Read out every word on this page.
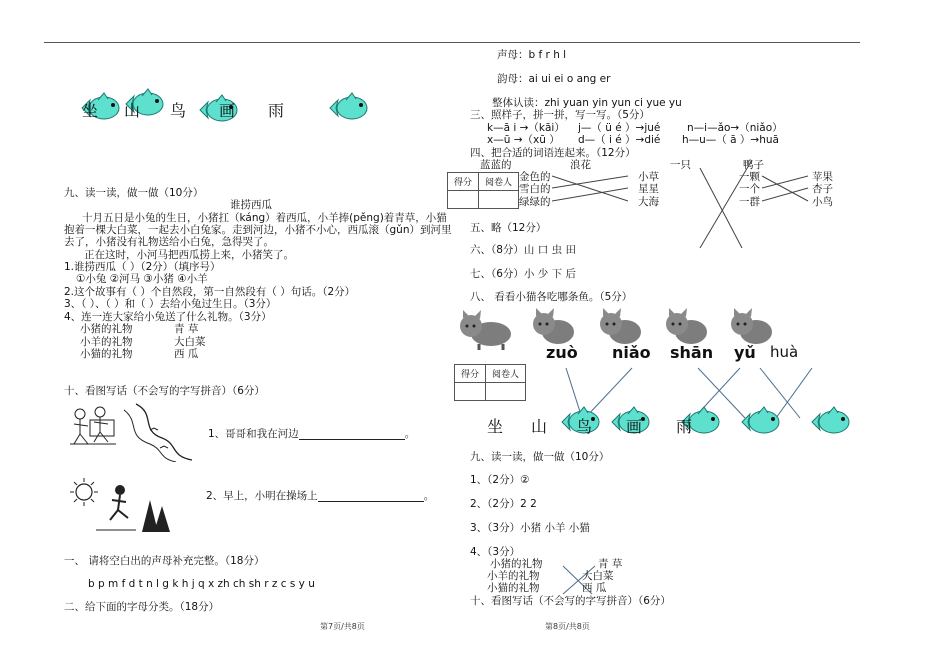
坐 山 鸟 画 雨
九、读一读，做一做（10分）
谁捞西瓜
十月五日是小兔的生日，小猪扛（káng）着西瓜，小羊捧(pěng)着青草，小猫
抱着一棵大白菜，一起去小白兔家。走到河边，小猪不小心，西瓜滚（gǔn）到河里
去了，小猪没有礼物送给小白兔，急得哭了。
正在这时，小河马把西瓜捞上来，小猪笑了。
1.谁捞西瓜（ ）（2分）（填序号）
①小兔 ②河马 ③小猪 ④小羊
2.这个故事有（ ）个自然段，第一自然段有（ ）句话。（2分）
3、（ ）、（ ）和（ ）去给小兔过生日。（3分）
4、连一连大家给小兔送了什么礼物。（3分）
小猪的礼物	青 草
小羊的礼物	大白菜
小猫的礼物	西 瓜
十、看图写话（不会写的字写拼音）（6分）
1、哥哥和我在河边	。
2、早上，小明在操场上	。
一、 请将空白出的声母补充完整。（18分）
b p m f d t n l g k h j q x zh ch sh r z c s y u
二、给下面的字母分类。（18分）
第7页/共8页
声母：b f r h l
韵母：ai ui ei o ang er
整体认读：zhi yuan yin yun ci yue yu
三、照样子，拼一拼，写一写。（5分）
k—ā i →（kāi） j—（ ü é ）→jué	n—i—ǎo→（niǎo）
x—ū →（xū ） d—（ i é ）→dié h—u—（ ā ）→huā
四、把合适的词语连起来。（12分）
蓝蓝的	浪花	一只	鸭子
得分	阅卷人
	金色的
雪白的
绿绿的
小草
星星
大海
一颗
一个
一群
苹果
杏子
小鸟
五、略（12分）
六、（8分）山 口 虫 田
七、（6分）小 少 下 后
八、 看看小猫各吃哪条鱼。（5分）
zuò niǎo shān yǔ huà
得分	阅卷人

坐 山 鸟 画 雨
九、读一读，做一做（10分）
1、（2分）②
2、（2分）2 2
3、（3分）小猪 小羊 小猫
4、（3分）
小猪的礼物	青 草
小羊的礼物	大白菜
小猫的礼物	西 瓜
十、看图写话（不会写的字写拼音）（6分）
第8页/共8页
